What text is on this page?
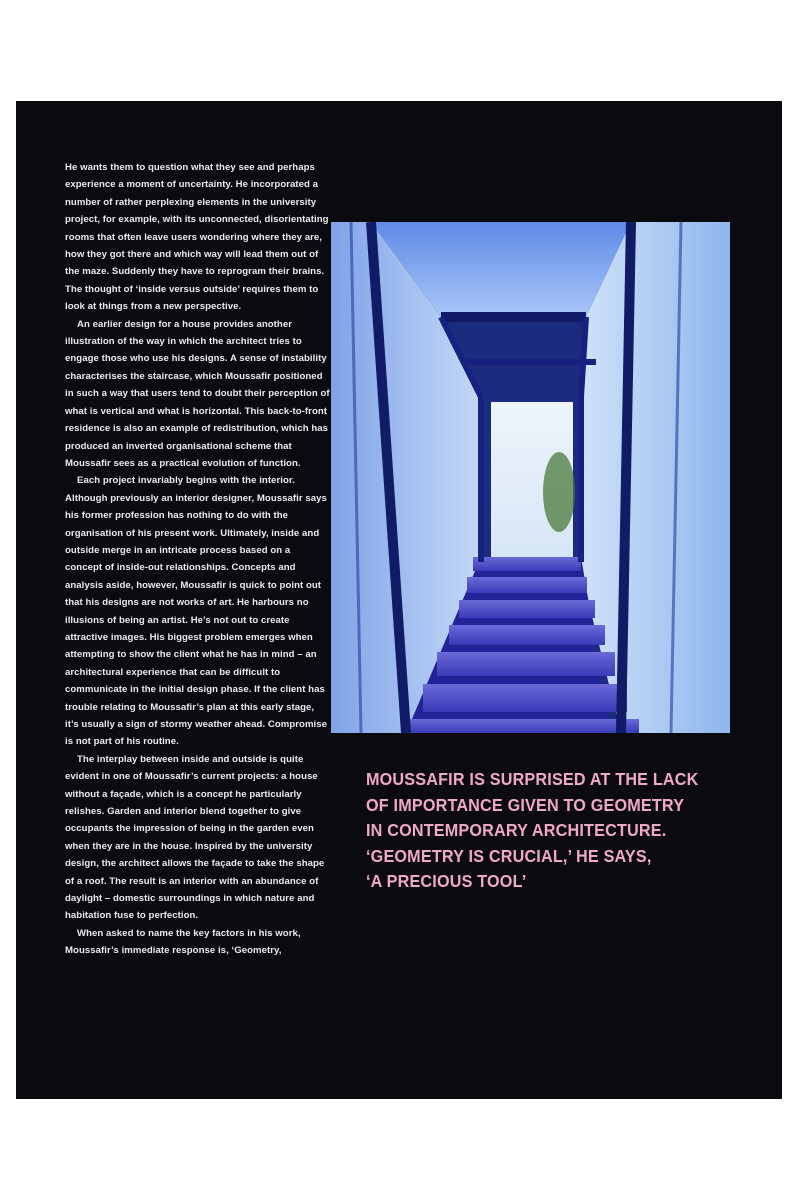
He wants them to question what they see and perhaps experience a moment of uncertainty. He incorporated a number of rather perplexing elements in the university project, for example, with its unconnected, disorientating rooms that often leave users wondering where they are, how they got there and which way will lead them out of the maze. Suddenly they have to reprogram their brains. The thought of ‘inside versus outside’ requires them to look at things from a new perspective.

An earlier design for a house provides another illustration of the way in which the architect tries to engage those who use his designs. A sense of instability characterises the staircase, which Moussafir positioned in such a way that users tend to doubt their perception of what is vertical and what is horizontal. This back-to-front residence is also an example of redistribution, which has produced an inverted organisational scheme that Moussafir sees as a practical evolution of function.

Each project invariably begins with the interior. Although previously an interior designer, Moussafir says his former profession has nothing to do with the organisation of his present work. Ultimately, inside and outside merge in an intricate process based on a concept of inside-out relationships. Concepts and analysis aside, however, Moussafir is quick to point out that his designs are not works of art. He harbours no illusions of being an artist. He’s not out to create attractive images. His biggest problem emerges when attempting to show the client what he has in mind – an architectural experience that can be difficult to communicate in the initial design phase. If the client has trouble relating to Moussafir’s plan at this early stage, it’s usually a sign of stormy weather ahead. Compromise is not part of his routine.

The interplay between inside and outside is quite evident in one of Moussafir’s current projects: a house without a façade, which is a concept he particularly relishes. Garden and interior blend together to give occupants the impression of being in the garden even when they are in the house. Inspired by the university design, the architect allows the façade to take the shape of a roof. The result is an interior with an abundance of daylight – domestic surroundings in which nature and habitation fuse to perfection.

When asked to name the key factors in his work, Moussafir’s immediate response is, ‘Geometry,

MOUSSAFIR IS SURPRISED AT THE LACK
OF IMPORTANCE GIVEN TO GEOMETRY
IN CONTEMPORARY ARCHITECTURE.
‘GEOMETRY IS CRUCIAL,’ HE SAYS,
‘A PRECIOUS TOOL’
